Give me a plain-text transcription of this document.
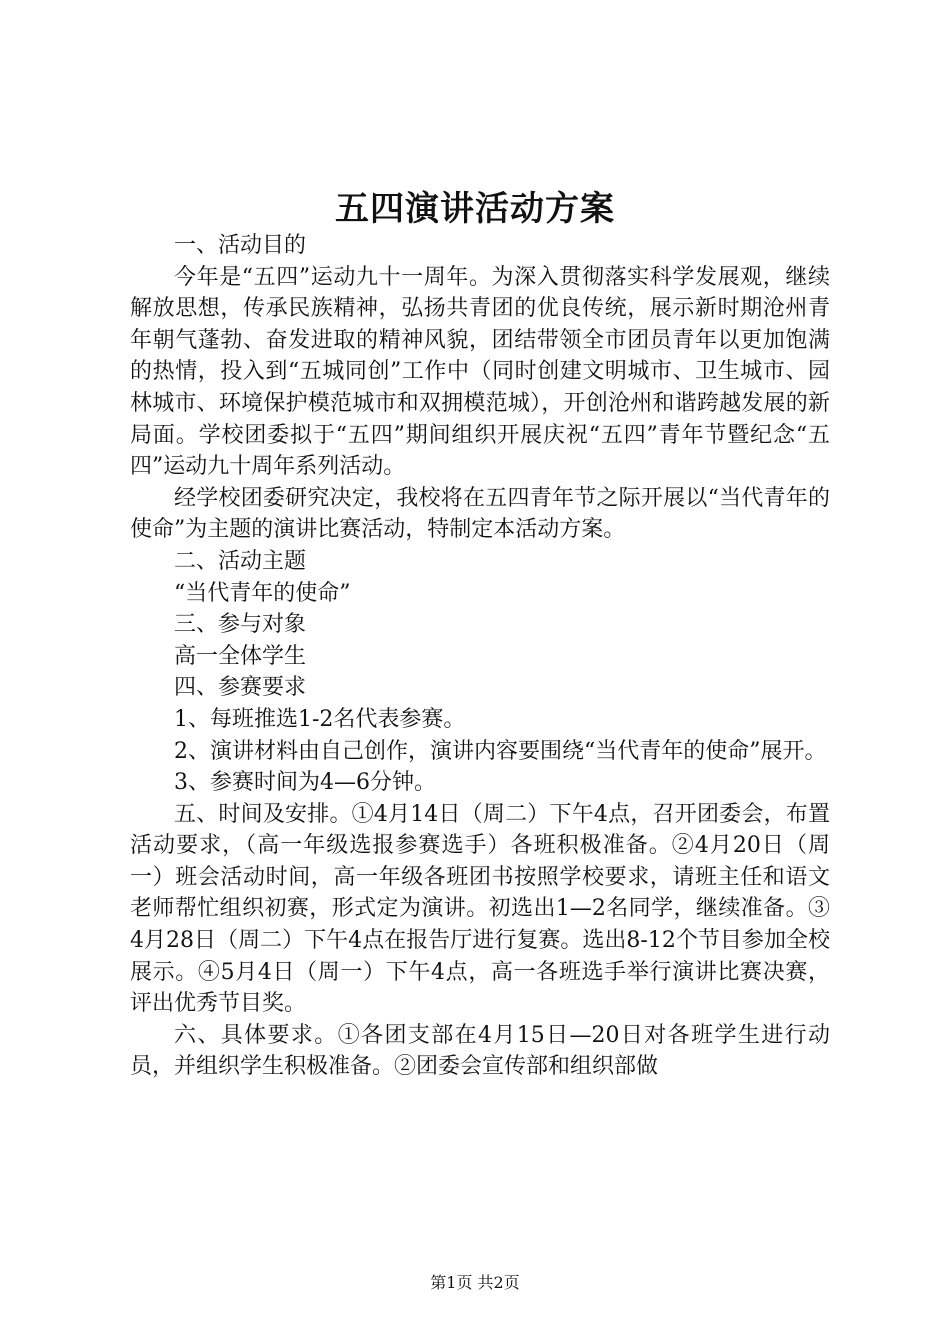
五四演讲活动方案

一、活动目的

今年是“五四”运动九十一周年。为深入贯彻落实科学发展观，继续解放思想，传承民族精神，弘扬共青团的优良传统，展示新时期沧州青年朝气蓬勃、奋发进取的精神风貌，团结带领全市团员青年以更加饱满的热情，投入到“五城同创”工作中（同时创建文明城市、卫生城市、园林城市、环境保护模范城市和双拥模范城），开创沧州和谐跨越发展的新局面。学校团委拟于“五四”期间组织开展庆祝“五四”青年节暨纪念“五四”运动九十周年系列活动。

经学校团委研究决定，我校将在五四青年节之际开展以“当代青年的使命”为主题的演讲比赛活动，特制定本活动方案。

二、活动主题

“当代青年的使命”

三、参与对象

高一全体学生

四、参赛要求

1、每班推选1-2名代表参赛。

2、演讲材料由自己创作，演讲内容要围绕“当代青年的使命”展开。

3、参赛时间为4—6分钟。

五、时间及安排。①4月14日（周二）下午4点，召开团委会，布置活动要求，（高一年级选报参赛选手）各班积极准备。②4月20日（周一）班会活动时间，高一年级各班团书按照学校要求，请班主任和语文老师帮忙组织初赛，形式定为演讲。初选出1—2名同学，继续准备。③4月28日（周二）下午4点在报告厅进行复赛。选出8-12个节目参加全校展示。④5月4日（周一）下午4点，高一各班选手举行演讲比赛决赛，评出优秀节目奖。

六、具体要求。①各团支部在4月15日—20日对各班学生进行动员，并组织学生积极准备。②团委会宣传部和组织部做

第1页 共2页
